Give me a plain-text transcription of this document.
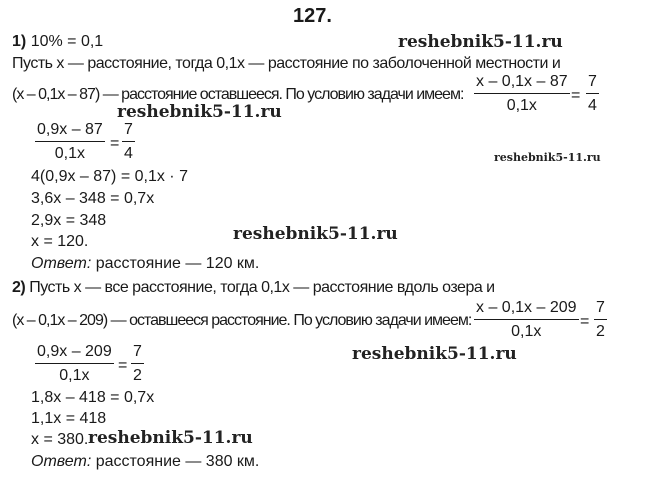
127.
1) 10% = 0,1
Пусть x — расстояние, тогда 0,1x — расстояние по заболоченной местности и
(x – 0,1x – 87) — расстояние оставшееся. По условию задачи имеем: $\frac{x - 0,1x - 87}{0,1x} = \frac{7}{4}$
$\frac{0,9x - 87}{0,1x} = \frac{7}{4}$
4(0,9x – 87) = 0,1x · 7
3,6x – 348 = 0,7x
2,9x = 348
x = 120.
Ответ: расстояние — 120 км.
2) Пусть x — все расстояние, тогда 0,1x — расстояние вдоль озера и
(x – 0,1x – 209) — оставшееся расстояние. По условию задачи имеем: $\frac{x - 0,1x - 209}{0,1x} = \frac{7}{2}$
$\frac{0,9x - 209}{0,1x} = \frac{7}{2}$
1,8x – 418 = 0,7x
1,1x = 418
x = 380.
Ответ: расстояние — 380 км.
reshebnik5-11.ru
reshebnik5-11.ru
reshebnik5-11.ru
reshebnik5-11.ru
reshebnik5-11.ru
reshebnik5-11.ru
